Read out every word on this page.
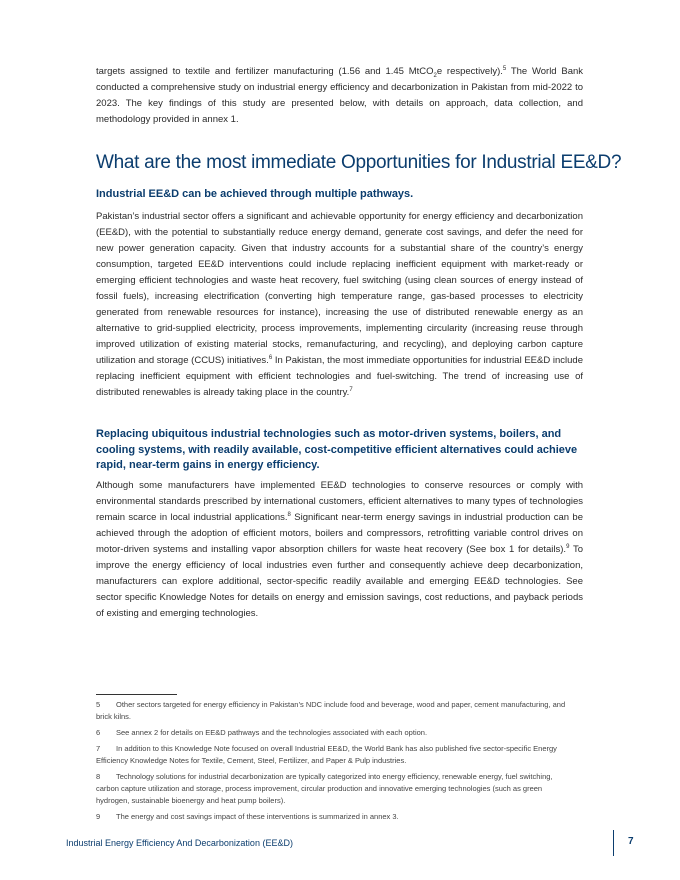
targets assigned to textile and fertilizer manufacturing (1.56 and 1.45 MtCO$_2$e respectively).$^5$ The World Bank conducted a comprehensive study on industrial energy efficiency and decarbonization in Pakistan from mid-2022 to 2023. The key findings of this study are presented below, with details on approach, data collection, and methodology provided in annex 1.

What are the most immediate Opportunities for Industrial EE&D?
Industrial EE&D can be achieved through multiple pathways.

Pakistan’s industrial sector offers a significant and achievable opportunity for energy efficiency and decarbonization (EE&D), with the potential to substantially reduce energy demand, generate cost savings, and defer the need for new power generation capacity. Given that industry accounts for a substantial share of the country’s energy consumption, targeted EE&D interventions could include replacing inefficient equipment with market-ready or emerging efficient technologies and waste heat recovery, fuel switching (using clean sources of energy instead of fossil fuels), increasing electrification (converting high temperature range, gas-based processes to electricity generated from renewable resources for instance), increasing the use of distributed renewable energy as an alternative to grid-supplied electricity, process improvements, implementing circularity (increasing reuse through improved utilization of existing material stocks, remanufacturing, and recycling), and deploying carbon capture utilization and storage (CCUS) initiatives.$^6$ In Pakistan, the most immediate opportunities for industrial EE&D include replacing inefficient equipment with efficient technologies and fuel-switching. The trend of increasing use of distributed renewables is already taking place in the country.$^7$

Replacing ubiquitous industrial technologies such as motor-driven systems, boilers, and cooling systems, with readily available, cost-competitive efficient alternatives could achieve rapid, near-term gains in energy efficiency.

Although some manufacturers have implemented EE&D technologies to conserve resources or comply with environmental standards prescribed by international customers, efficient alternatives to many types of technologies remain scarce in local industrial applications.$^8$ Significant near-term energy savings in industrial production can be achieved through the adoption of efficient motors, boilers and compressors, retrofitting variable control drives on motor-driven systems and installing vapor absorption chillers for waste heat recovery (See box 1 for details).$^9$ To improve the energy efficiency of local industries even further and consequently achieve deep decarbonization, manufacturers can explore additional, sector-specific readily available and emerging EE&D technologies. See sector specific Knowledge Notes for details on energy and emission savings, cost reductions, and payback periods of existing and emerging technologies.

5 Other sectors targeted for energy efficiency in Pakistan’s NDC include food and beverage, wood and paper, cement manufacturing, and brick kilns.

6 See annex 2 for details on EE&D pathways and the technologies associated with each option.

7 In addition to this Knowledge Note focused on overall Industrial EE&D, the World Bank has also published five sector-specific Energy Efficiency Knowledge Notes for Textile, Cement, Steel, Fertilizer, and Paper & Pulp industries.

8 Technology solutions for industrial decarbonization are typically categorized into energy efficiency, renewable energy, fuel switching, carbon capture utilization and storage, process improvement, circular production and innovative emerging technologies (such as green hydrogen, sustainable bioenergy and heat pump boilers).

9 The energy and cost savings impact of these interventions is summarized in annex 3.

Industrial Energy Efficiency And Decarbonization (EE&D)	7
